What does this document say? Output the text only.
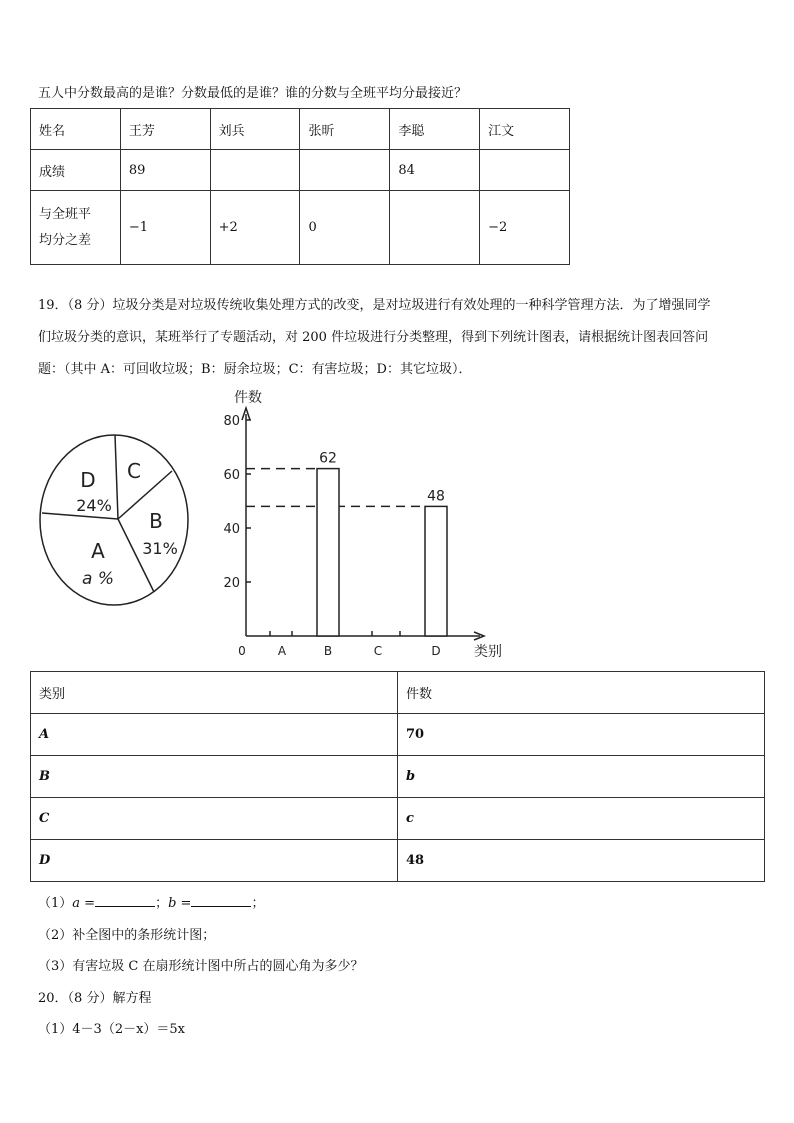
五人中分数最高的是谁？分数最低的是谁？谁的分数与全班平均分最接近？
姓名	王芳	刘兵	张昕	李聪	江文
成绩	89			84	
与全班平
均分之差	−1	+2	0		−2
19．（8 分）垃圾分类是对垃圾传统收集处理方式的改变，是对垃圾进行有效处理的一种科学管理方法．为了增强同学
们垃圾分类的意识，某班举行了专题活动，对 200 件垃圾进行分类整理，得到下列统计图表，请根据统计图表回答问
题：（其中 A：可回收垃圾；B：厨余垃圾；C：有害垃圾；D：其它垃圾）．
D
24%
C
B
31%
A
a %
件数
类别
0
20
40
60
80
62
48
A	B	C	D
类别	件数
A	70
B	b
C	c
D	48
（1）a =	；b =	；
（2）补全图中的条形统计图；
（3）有害垃圾 C 在扇形统计图中所占的圆心角为多少？
20．（8 分）解方程
（1）4－3（2－x）＝5x
